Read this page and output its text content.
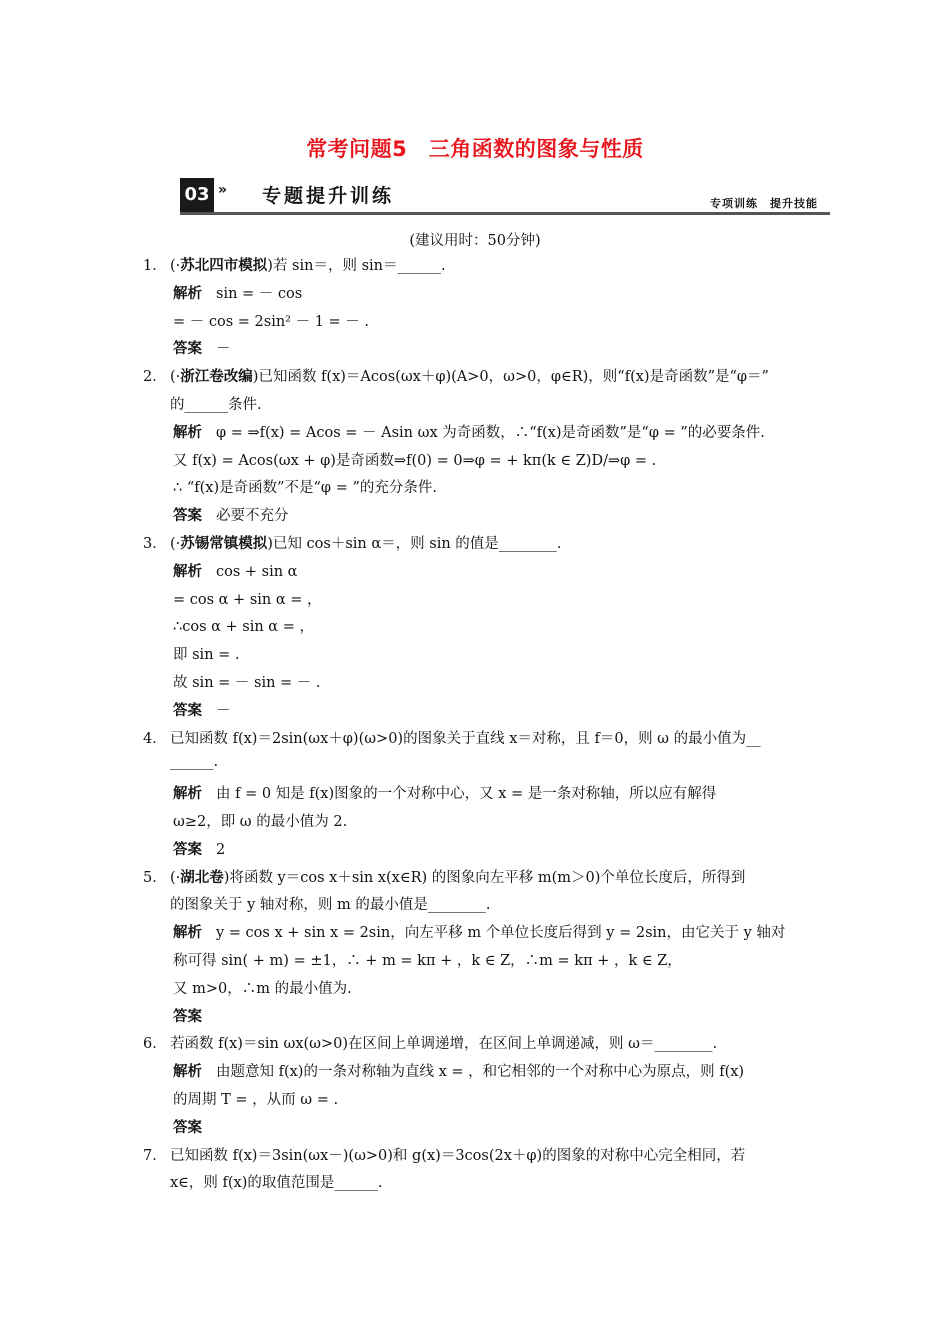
常考问题5　三角函数的图象与性质
03 » 专题提升训练	专项训练　提升技能
(建议用时：50分钟)
1． (·苏北四市模拟)若 sin＝，则 sin＝______.
解析 sin = － cos
= － cos = 2sin² － 1 = － .
答案 －
2． (·浙江卷改编)已知函数 f(x)＝Acos(ωx＋φ)(A>0，ω>0，φ∈R)，则“f(x)是奇函数”是“φ＝”
的______条件.
解析 φ = ⇒f(x) = Acos = － Asin ωx 为奇函数，∴“f(x)是奇函数”是“φ = ”的必要条件.
又 f(x) = Acos(ωx + φ)是奇函数⇒f(0) = 0⇒φ = + kπ(k ∈ Z)D/⇒φ = .
∴ “f(x)是奇函数”不是“φ = ”的充分条件.
答案 必要不充分
3． (·苏锡常镇模拟)已知 cos＋sin α＝，则 sin 的值是________.
解析 cos + sin α
= cos α + sin α = ，
∴cos α + sin α = ，
即 sin = .
故 sin = － sin = － .
答案 －
4． 已知函数 f(x)＝2sin(ωx＋φ)(ω>0)的图象关于直线 x＝对称，且 f＝0，则 ω 的最小值为__
______.
解析 由 f = 0 知是 f(x)图象的一个对称中心，又 x = 是一条对称轴，所以应有解得
ω≥2，即 ω 的最小值为 2.
答案 2
5． (·湖北卷)将函数 y＝cos x＋sin x(x∈R) 的图象向左平移 m(m＞0)个单位长度后，所得到
的图象关于 y 轴对称，则 m 的最小值是________.
解析 y = cos x + sin x = 2sin，向左平移 m 个单位长度后得到 y = 2sin，由它关于 y 轴对
称可得 sin( + m) = ±1，∴ + m = kπ + ，k ∈ Z，∴m = kπ + ，k ∈ Z，
又 m>0，∴m 的最小值为.
答案
6． 若函数 f(x)＝sin ωx(ω>0)在区间上单调递增，在区间上单调递减，则 ω＝________.
解析 由题意知 f(x)的一条对称轴为直线 x = ，和它相邻的一个对称中心为原点，则 f(x)
的周期 T = ，从而 ω = .
答案
7． 已知函数 f(x)＝3sin(ωx－)(ω>0)和 g(x)＝3cos(2x＋φ)的图象的对称中心完全相同，若
x∈，则 f(x)的取值范围是______.
